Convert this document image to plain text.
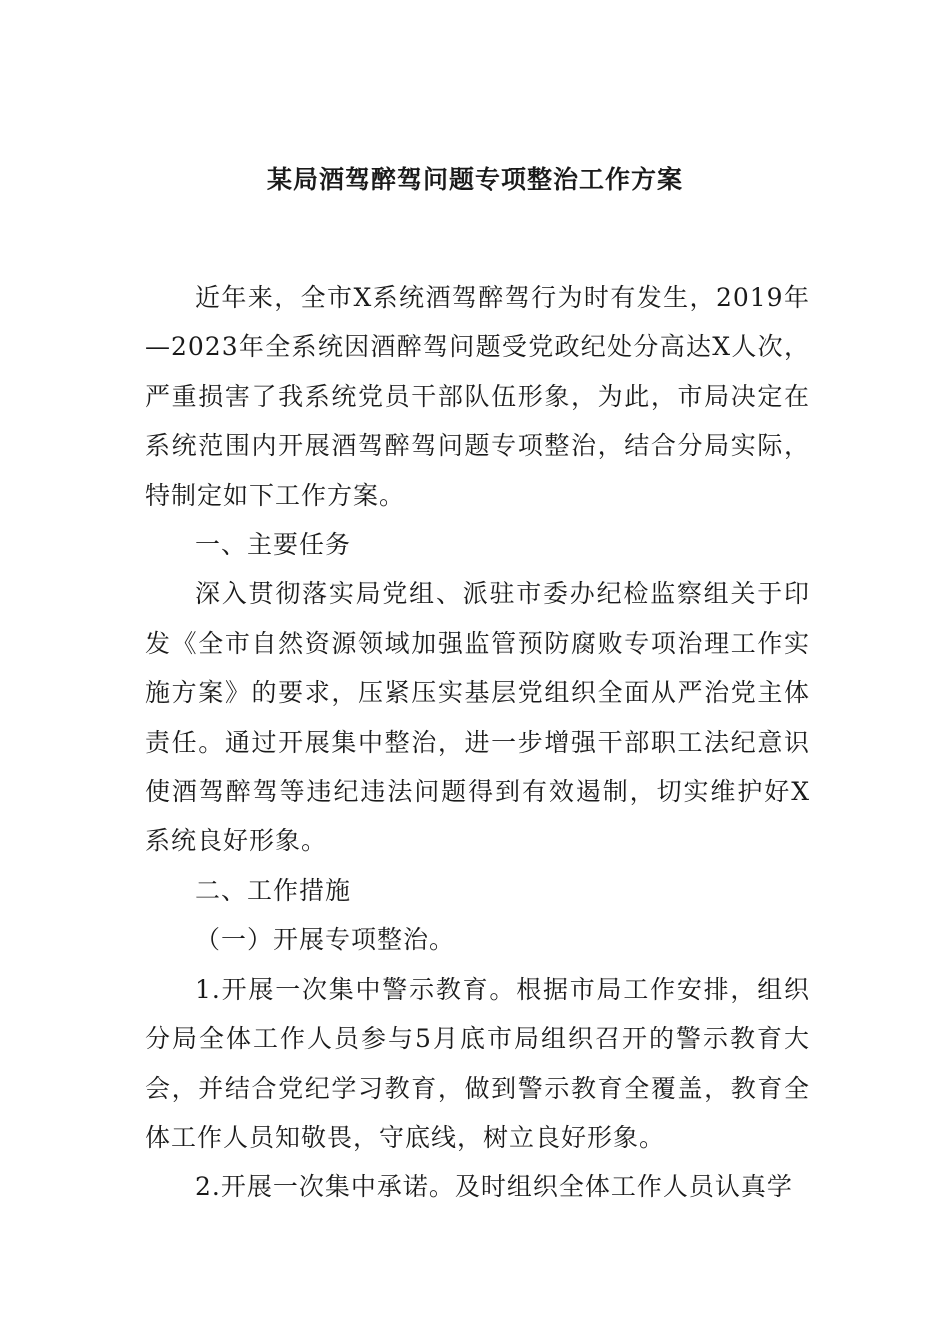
某局酒驾醉驾问题专项整治工作方案

近年来，全市X系统酒驾醉驾行为时有发生，2019年—2023年全系统因酒醉驾问题受党政纪处分高达X人次，严重损害了我系统党员干部队伍形象，为此，市局决定在系统范围内开展酒驾醉驾问题专项整治，结合分局实际，特制定如下工作方案。

一、主要任务

深入贯彻落实局党组、派驻市委办纪检监察组关于印发《全市自然资源领域加强监管预防腐败专项治理工作实施方案》的要求，压紧压实基层党组织全面从严治党主体责任。通过开展集中整治，进一步增强干部职工法纪意识使酒驾醉驾等违纪违法问题得到有效遏制，切实维护好X系统良好形象。

二、工作措施

（一）开展专项整治。

1.开展一次集中警示教育。根据市局工作安排，组织分局全体工作人员参与5月底市局组织召开的警示教育大会，并结合党纪学习教育，做到警示教育全覆盖，教育全体工作人员知敬畏，守底线，树立良好形象。

2.开展一次集中承诺。及时组织全体工作人员认真学
